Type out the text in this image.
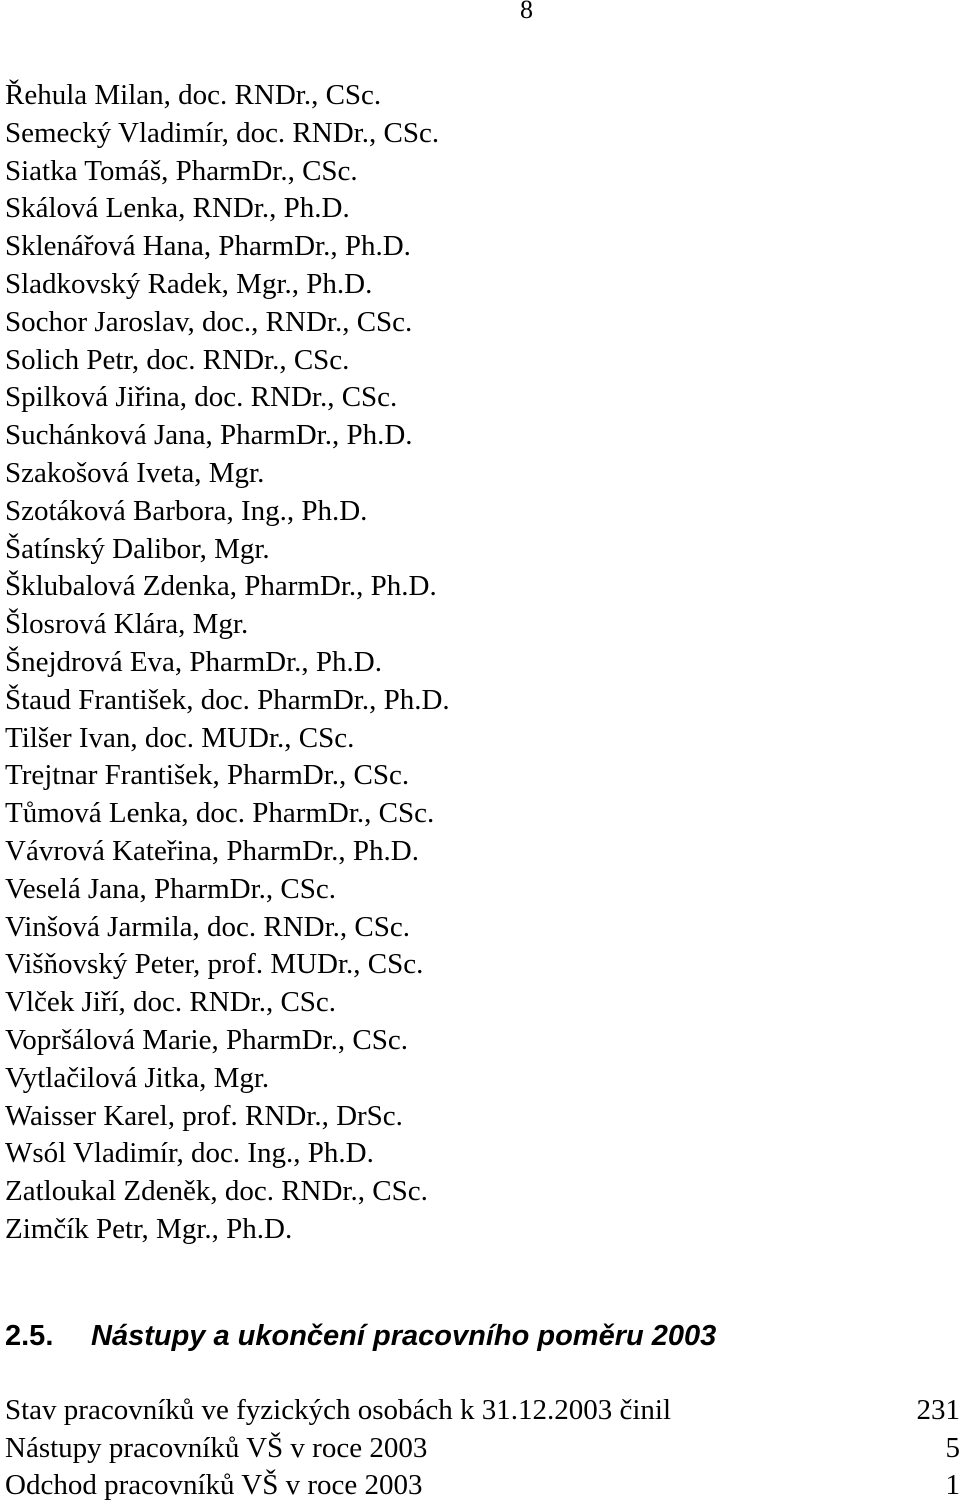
8
Řehula Milan, doc. RNDr., CSc.
Semecký Vladimír, doc. RNDr., CSc.
Siatka Tomáš, PharmDr., CSc.
Skálová Lenka, RNDr., Ph.D.
Sklenářová Hana, PharmDr., Ph.D.
Sladkovský Radek, Mgr., Ph.D.
Sochor Jaroslav, doc., RNDr., CSc.
Solich Petr, doc. RNDr., CSc.
Spilková Jiřina, doc. RNDr., CSc.
Suchánková Jana, PharmDr., Ph.D.
Szakošová Iveta, Mgr.
Szotáková Barbora, Ing., Ph.D.
Šatínský Dalibor, Mgr.
Šklubalová Zdenka, PharmDr., Ph.D.
Šlosrová Klára, Mgr.
Šnejdrová Eva, PharmDr., Ph.D.
Štaud František, doc. PharmDr., Ph.D.
Tilšer Ivan, doc. MUDr., CSc.
Trejtnar František, PharmDr., CSc.
Tůmová Lenka, doc. PharmDr., CSc.
Vávrová Kateřina, PharmDr., Ph.D.
Veselá Jana, PharmDr., CSc.
Vinšová Jarmila, doc. RNDr., CSc.
Višňovský Peter, prof. MUDr., CSc.
Vlček Jiří, doc. RNDr., CSc.
Vopršálová Marie, PharmDr., CSc.
Vytlačilová Jitka, Mgr.
Waisser Karel, prof. RNDr., DrSc.
Wsól Vladimír, doc. Ing., Ph.D.
Zatloukal Zdeněk, doc. RNDr., CSc.
Zimčík Petr, Mgr., Ph.D.
2.5. Nástupy a ukončení pracovního poměru 2003
Stav pracovníků ve fyzických osobách k 31.12.2003 činil	231
Nástupy pracovníků VŠ v roce 2003	5
Odchod pracovníků VŠ v roce 2003	1
